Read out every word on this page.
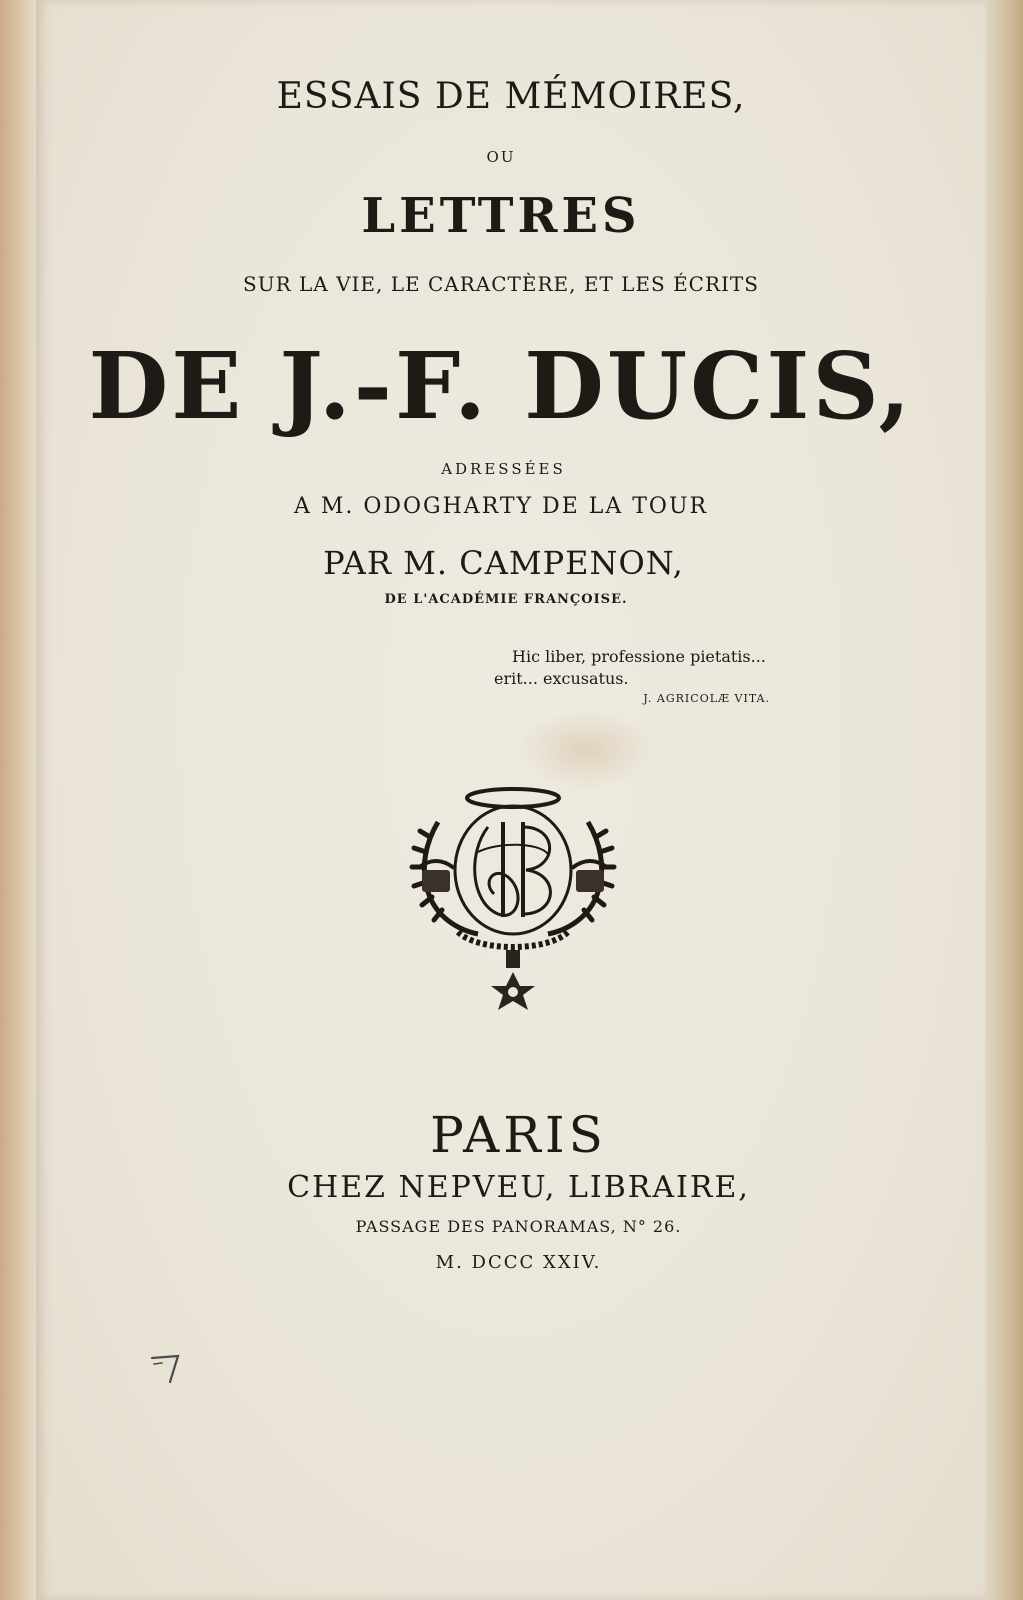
ESSAIS DE MÉMOIRES,
OU
LETTRES
SUR LA VIE, LE CARACTÈRE, ET LES ÉCRITS
DE J.-F. DUCIS,
ADRESSÉES
A M. ODOGHARTY DE LA TOUR
PAR M. CAMPENON,
DE L'ACADÉMIE FRANÇOISE.
Hic liber, professione pietatis...
erit... excusatus.
J. AGRICOLÆ VITA.
PARIS
CHEZ NEPVEU, LIBRAIRE,
PASSAGE DES PANORAMAS, N° 26.
M. DCCC XXIV.
